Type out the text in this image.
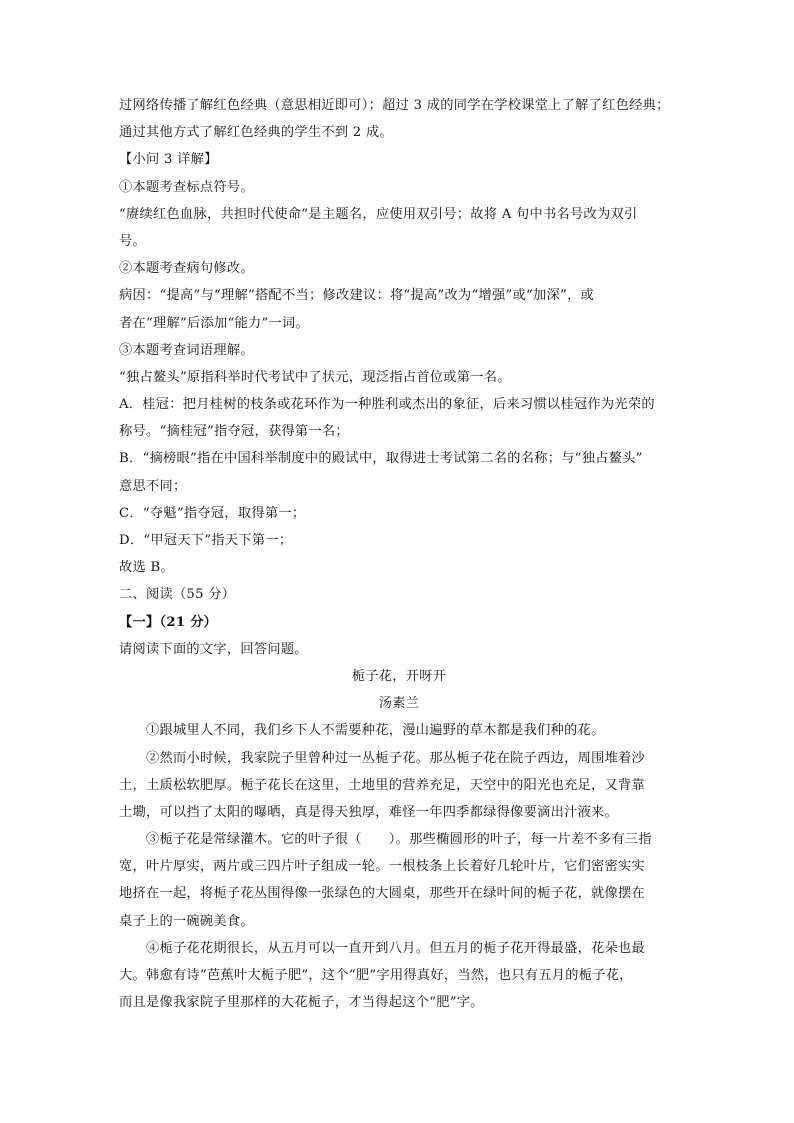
过网络传播了解红色经典（意思相近即可）；超过 3 成的同学在学校课堂上了解了红色经典；
通过其他方式了解红色经典的学生不到 2 成。
【小问 3 详解】
①本题考查标点符号。
“赓续红色血脉，共担时代使命”是主题名，应使用双引号；故将 A 句中书名号改为双引
号。
②本题考查病句修改。
病因：“提高”与“理解”搭配不当；修改建议：将“提高”改为“增强”或“加深”，或
者在“理解”后添加“能力”一词。
③本题考查词语理解。
“独占鳌头”原指科举时代考试中了状元，现泛指占首位或第一名。
A．桂冠：把月桂树的枝条或花环作为一种胜利或杰出的象征，后来习惯以桂冠作为光荣的
称号。“摘桂冠”指夺冠，获得第一名；
B．“摘榜眼”指在中国科举制度中的殿试中，取得进士考试第二名的名称；与“独占鳌头”
意思不同；
C．“夺魁”指夺冠，取得第一；
D．“甲冠天下”指天下第一；
故选 B。
二、阅读（55 分）
【一】（21 分）
请阅读下面的文字，回答问题。
栀子花，开呀开
汤素兰
①跟城里人不同，我们乡下人不需要种花，漫山遍野的草木都是我们种的花。
②然而小时候，我家院子里曾种过一丛栀子花。那丛栀子花在院子西边，周围堆着沙
土，土质松软肥厚。栀子花长在这里，土地里的营养充足，天空中的阳光也充足，又背靠
土墈，可以挡了太阳的曝晒，真是得天独厚，难怪一年四季都绿得像要滴出汁液来。
③栀子花是常绿灌木。它的叶子很（　　）。那些椭圆形的叶子，每一片差不多有三指
宽，叶片厚实，两片或三四片叶子组成一轮。一根枝条上长着好几轮叶片，它们密密实实
地挤在一起，将栀子花丛围得像一张绿色的大圆桌，那些开在绿叶间的栀子花，就像摆在
桌子上的一碗碗美食。
④栀子花花期很长，从五月可以一直开到八月。但五月的栀子花开得最盛，花朵也最
大。韩愈有诗“芭蕉叶大栀子肥”，这个“肥”字用得真好，当然，也只有五月的栀子花，
而且是像我家院子里那样的大花栀子，才当得起这个“肥”字。
